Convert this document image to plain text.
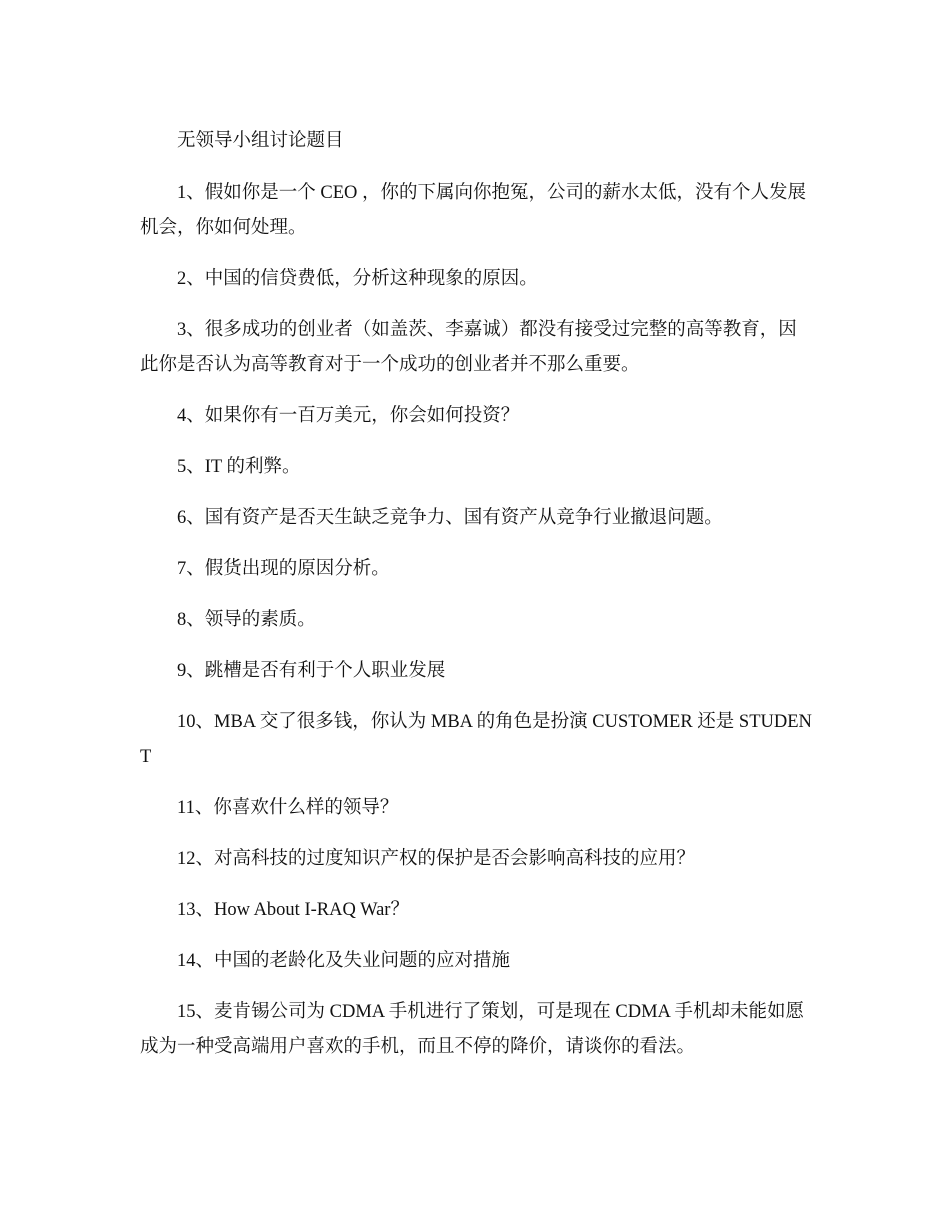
无领导小组讨论题目

1、假如你是一个 CEO ，你的下属向你抱冤，公司的薪水太低，没有个人发展机会，你如何处理。

2、中国的信贷费低，分析这种现象的原因。

3、很多成功的创业者（如盖茨、李嘉诚）都没有接受过完整的高等教育，因此你是否认为高等教育对于一个成功的创业者并不那么重要。

4、如果你有一百万美元，你会如何投资？

5、IT 的利弊。

6、国有资产是否天生缺乏竞争力、国有资产从竞争行业撤退问题。

7、假货出现的原因分析。

8、领导的素质。

9、跳槽是否有利于个人职业发展

10、MBA 交了很多钱，你认为 MBA 的角色是扮演 CUSTOMER 还是 STUDENT

11、你喜欢什么样的领导？

12、对高科技的过度知识产权的保护是否会影响高科技的应用？

13、How About I-RAQ War？

14、中国的老龄化及失业问题的应对措施

15、麦肯锡公司为 CDMA 手机进行了策划，可是现在 CDMA 手机却未能如愿成为一种受高端用户喜欢的手机，而且不停的降价，请谈你的看法。
